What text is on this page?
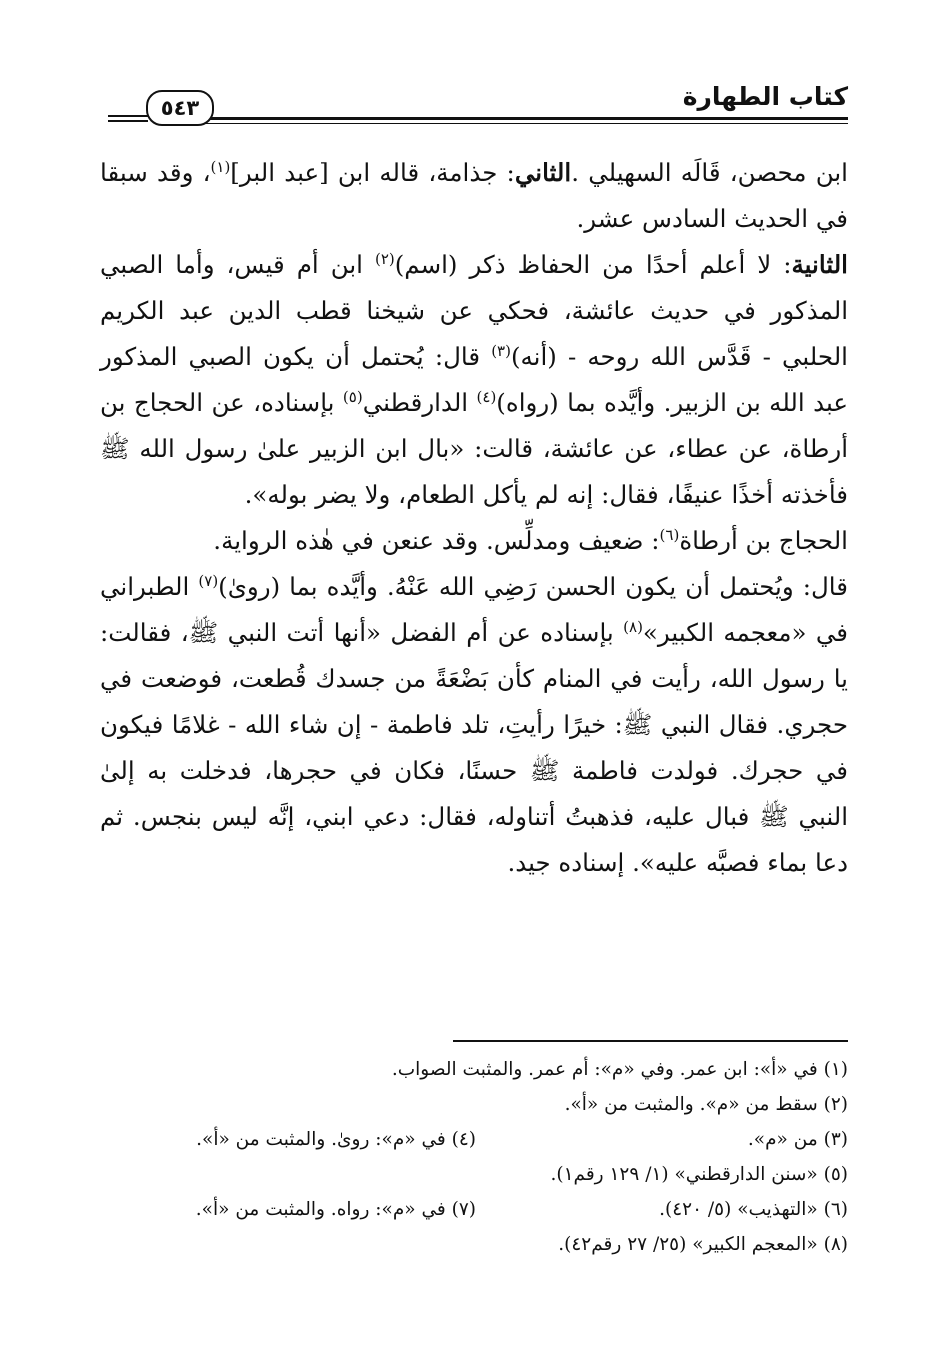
كتاب الطهارة
٥٤٣

ابن محصن، قَالَه السهيلي .الثاني: جذامة، قاله ابن [عبد البر]$^{(١)}$، وقد سبقا في الحديث السادس عشر.

الثانية: لا أعلم أحدًا من الحفاظ ذكر (اسم)$^{(٢)}$ ابن أم قيس، وأما الصبي المذكور في حديث عائشة، فحكي عن شيخنا قطب الدين عبد الكريم الحلبي - قَدَّس الله روحه - (أنه)$^{(٣)}$ قال: يُحتمل أن يكون الصبي المذكور عبد الله بن الزبير. وأيَّده بما (رواه)$^{(٤)}$ الدارقطني$^{(٥)}$ بإسناده، عن الحجاج بن أرطاة، عن عطاء، عن عائشة، قالت: «بال ابن الزبير علىٰ رسول الله ﷺ فأخذته أخذًا عنيفًا، فقال: إنه لم يأكل الطعام، ولا يضر بوله».

الحجاج بن أرطاة$^{(٦)}$: ضعيف ومدلِّس. وقد عنعن في هٰذه الرواية.

قال: ويُحتمل أن يكون الحسن رَضِي الله عَنْهُ. وأيَّده بما (روىٰ)$^{(٧)}$ الطبراني في «معجمه الكبير»$^{(٨)}$ بإسناده عن أم الفضل «أنها أتت النبي ﷺ، فقالت: يا رسول الله، رأيت في المنام كأن بَضْعَةً من جسدك قُطعت، فوضعت في حجري. فقال النبي ﷺ: خيرًا رأيتِ، تلد فاطمة - إن شاء الله - غلامًا فيكون في حجرك. فولدت فاطمة ﷺ حسنًا، فكان في حجرها، فدخلت به إلىٰ النبي ﷺ فبال عليه، فذهبتُ أتناوله، فقال: دعي ابني، إنَّه ليس بنجس. ثم دعا بماء فصبَّه عليه». إسناده جيد.

(١) في «أ»: ابن عمر. وفي «م»: أم عمر. والمثبت الصواب.
(٢) سقط من «م». والمثبت من «أ».
(٣) من «م».
(٤) في «م»: روىٰ. والمثبت من «أ».
(٥) «سنن الدارقطني» (١/ ١٢٩ رقم١).
(٦) «التهذيب» (٥/ ٤٢٠).
(٧) في «م»: رواه. والمثبت من «أ».
(٨) «المعجم الكبير» (٢٥/ ٢٧ رقم٤٢).
